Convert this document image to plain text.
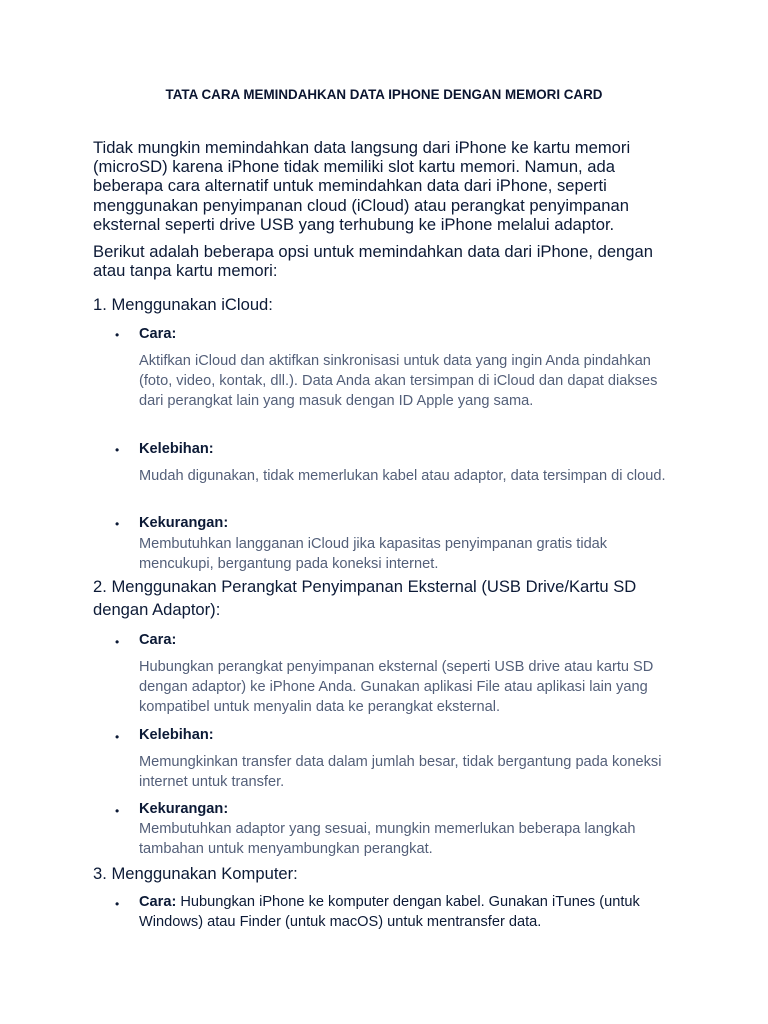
TATA CARA MEMINDAHKAN DATA IPHONE DENGAN MEMORI CARD
Tidak mungkin memindahkan data langsung dari iPhone ke kartu memori (microSD) karena iPhone tidak memiliki slot kartu memori. Namun, ada beberapa cara alternatif untuk memindahkan data dari iPhone, seperti menggunakan penyimpanan cloud (iCloud) atau perangkat penyimpanan eksternal seperti drive USB yang terhubung ke iPhone melalui adaptor.
Berikut adalah beberapa opsi untuk memindahkan data dari iPhone, dengan atau tanpa kartu memori:
1. Menggunakan iCloud:
•
Cara:
Aktifkan iCloud dan aktifkan sinkronisasi untuk data yang ingin Anda pindahkan (foto, video, kontak, dll.). Data Anda akan tersimpan di iCloud dan dapat diakses dari perangkat lain yang masuk dengan ID Apple yang sama.
•
Kelebihan:
Mudah digunakan, tidak memerlukan kabel atau adaptor, data tersimpan di cloud.
•
Kekurangan:
Membutuhkan langganan iCloud jika kapasitas penyimpanan gratis tidak mencukupi, bergantung pada koneksi internet.
2. Menggunakan Perangkat Penyimpanan Eksternal (USB Drive/Kartu SD dengan Adaptor):
•
Cara:
Hubungkan perangkat penyimpanan eksternal (seperti USB drive atau kartu SD dengan adaptor) ke iPhone Anda. Gunakan aplikasi File atau aplikasi lain yang kompatibel untuk menyalin data ke perangkat eksternal.
•
Kelebihan:
Memungkinkan transfer data dalam jumlah besar, tidak bergantung pada koneksi internet untuk transfer.
•
Kekurangan:
Membutuhkan adaptor yang sesuai, mungkin memerlukan beberapa langkah tambahan untuk menyambungkan perangkat.
3. Menggunakan Komputer:
•
Cara: Hubungkan iPhone ke komputer dengan kabel. Gunakan iTunes (untuk Windows) atau Finder (untuk macOS) untuk mentransfer data.
